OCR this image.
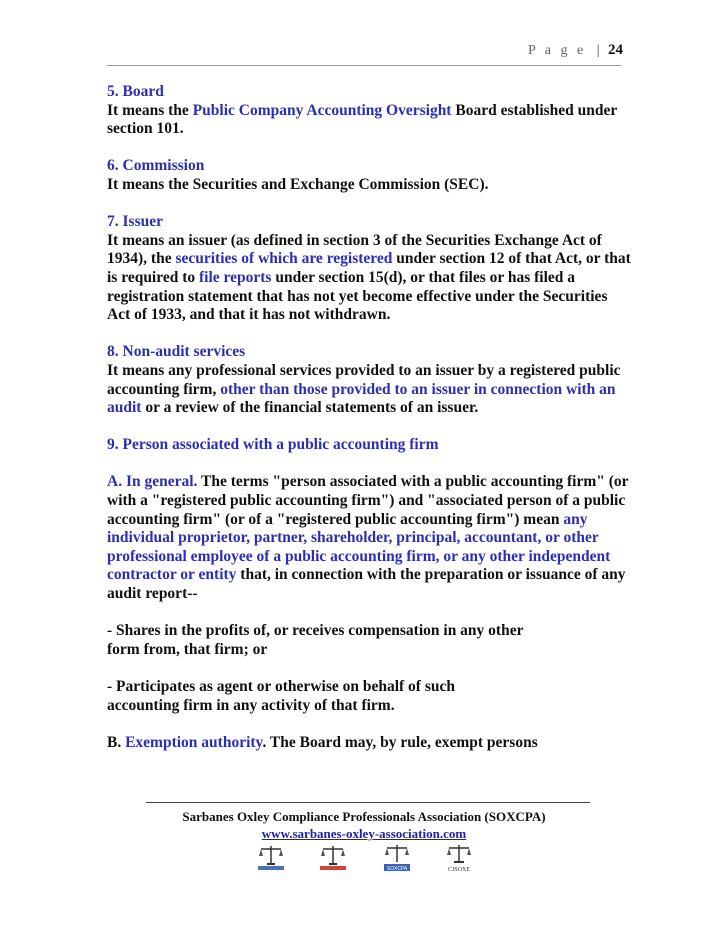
P a g e | 24
5. Board

It means the Public Company Accounting Oversight Board established under section 101.

6. Commission

It means the Securities and Exchange Commission (SEC).

7. Issuer

It means an issuer (as defined in section 3 of the Securities Exchange Act of 1934), the securities of which are registered under section 12 of that Act, or that is required to file reports under section 15(d), or that files or has filed a registration statement that has not yet become effective under the Securities Act of 1933, and that it has not withdrawn.

8. Non-audit services

It means any professional services provided to an issuer by a registered public accounting firm, other than those provided to an issuer in connection with an audit or a review of the financial statements of an issuer.

9. Person associated with a public accounting firm

A. In general. The terms "person associated with a public accounting firm" (or with a "registered public accounting firm") and "associated person of a public accounting firm" (or of a "registered public accounting firm") mean any individual proprietor, partner, shareholder, principal, accountant, or other professional employee of a public accounting firm, or any other independent contractor or entity that, in connection with the preparation or issuance of any audit report--

- Shares in the profits of, or receives compensation in any other

form from, that firm; or

- Participates as agent or otherwise on behalf of such

accounting firm in any activity of that firm.

B. Exemption authority. The Board may, by rule, exempt persons

Sarbanes Oxley Compliance Professionals Association (SOXCPA)
www.sarbanes-oxley-association.com
SOXCPA	CJSOXE
